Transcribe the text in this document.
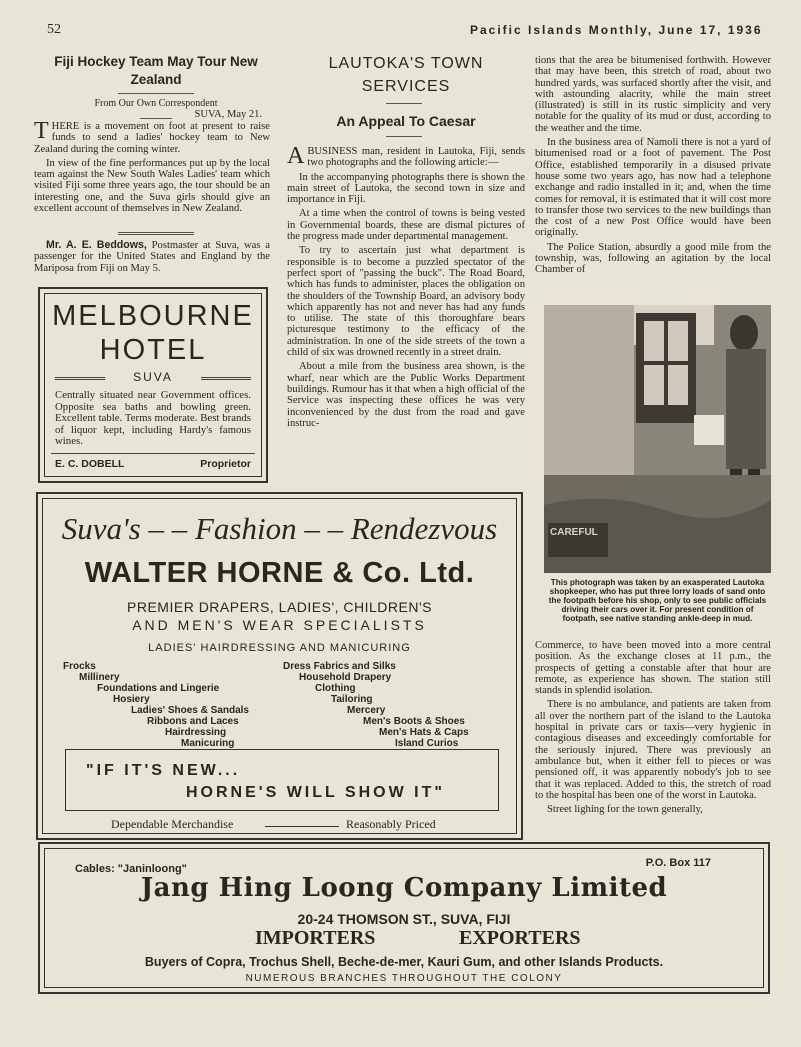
52	Pacific Islands Monthly, June 17, 1936
Fiji Hockey Team May Tour New Zealand
From Our Own Correspondent
SUVA, May 21.

THERE is a movement on foot at present to raise funds to send a ladies' hockey team to New Zealand during the coming winter.

In view of the fine performances put up by the local team against the New South Wales Ladies' team which visited Fiji some three years ago, the tour should be an interesting one, and the Suva girls should give an excellent account of themselves in New Zealand.

Mr. A. E. Beddows, Postmaster at Suva, was a passenger for the United States and England by the Mariposa from Fiji on May 5.

MELBOURNE
HOTEL
SUVA
Centrally situated near Government offices. Opposite sea baths and bowling green. Excellent table. Terms moderate. Best brands of liquor kept, including Hardy's famous wines.
E. C. DOBELL	Proprietor
LAUTOKA'S TOWN SERVICES
An Appeal To Caesar

ABUSINESS man, resident in Lautoka, Fiji, sends two photographs and the following article:—

In the accompanying photographs there is shown the main street of Lautoka, the second town in size and importance in Fiji.

At a time when the control of towns is being vested in Governmental boards, these are dismal pictures of the progress made under departmental management.

To try to ascertain just what department is responsible is to become a puzzled spectator of the perfect sport of "passing the buck". The Road Board, which has funds to administer, places the obligation on the shoulders of the Township Board, an advisory body which apparently has not and never has had any funds to utilise. The state of this thoroughfare bears picturesque testimony to the efficacy of the administration. In one of the side streets of the town a child of six was drowned recently in a street drain.

About a mile from the business area shown, is the wharf, near which are the Public Works Department buildings. Rumour has it that when a high official of the Service was inspecting these offices he was very inconvenienced by the dust from the road and gave instruc-

tions that the area be bitumenised forthwith. However that may have been, this stretch of road, about two hundred yards, was surfaced shortly after the visit, and with astounding alacrity, while the main street (illustrated) is still in its rustic simplicity and very notable for the quality of its mud or dust, according to the weather and the time.

In the business area of Namoli there is not a yard of bitumenised road or a foot of pavement. The Post Office, established temporarily in a disused private house some two years ago, has now had a telephone exchange and radio installed in it; and, when the time comes for removal, it is estimated that it will cost more to transfer those two services to the new buildings than the cost of a new Post Office would have been originally.

The Police Station, absurdly a good mile from the township, was, following an agitation by the local Chamber of

CAREFUL
This photograph was taken by an exasperated Lautoka shopkeeper, who has put three lorry loads of sand onto the footpath before his shop, only to see public officials driving their cars over it. For present condition of footpath, see native standing ankle-deep in mud.

Commerce, to have been moved into a more central position. As the exchange closes at 11 p.m., the prospects of getting a constable after that hour are remote, as experience has shown. The station still stands in splendid isolation.

There is no ambulance, and patients are taken from all over the northern part of the island to the Lautoka hospital in private cars or taxis—very hygienic in contagious diseases and exceedingly comfortable for the seriously injured. There was previously an ambulance but, when it either fell to pieces or was pensioned off, it was apparently nobody's job to see that it was replaced. Added to this, the stretch of road to the hospital has been one of the worst in Lautoka.

Street lighing for the town generally,

Suva's ‒ ‒ Fashion ‒ ‒ Rendezvous
WALTER HORNE & Co. Ltd.
PREMIER DRAPERS, LADIES', CHILDREN'S
AND MEN'S WEAR SPECIALISTS
LADIES' HAIRDRESSING AND MANICURING
Frocks
Millinery
Foundations and Lingerie
Hosiery
Ladies' Shoes & Sandals
Ribbons and Laces
Hairdressing
Manicuring
Dress Fabrics and Silks
Household Drapery
Clothing
Tailoring
Mercery
Men's Boots & Shoes
Men's Hats & Caps
Island Curios
"IF IT'S NEW...
HORNE'S WILL SHOW IT"
Dependable Merchandise	Reasonably Priced
Cables: "Janinloong"	P.O. Box 117
Jang Hing Loong Company Limited
20-24 THOMSON ST., SUVA, FIJI
IMPORTERS	EXPORTERS
Buyers of Copra, Trochus Shell, Beche-de-mer, Kauri Gum, and other Islands Products.
NUMEROUS BRANCHES THROUGHOUT THE COLONY
